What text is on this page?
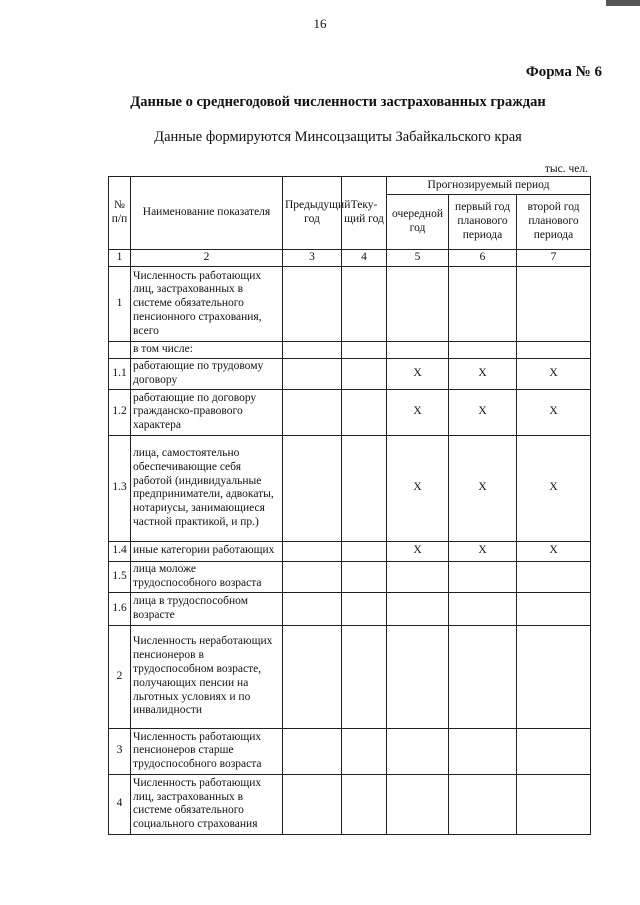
16
Форма № 6
Данные о среднегодовой численности застрахованных граждан
Данные формируются Минсоцзащиты Забайкальского края
тыс. чел.
№ п/п	Наименование показателя	Предыдущий год	Теку-щий год	Прогнозируемый период		
				очередной год	первый год планового периода	второй год планового периода
1	2	3	4	5	6	7
1	Численность работающих лиц, застрахованных в системе обязательного пенсионного страхования, всего					
	в том числе:					
1.1	работающие по трудовому договору			X	X	X
1.2	работающие по договору гражданско-правового характера			X	X	X
1.3	лица, самостоятельно обеспечивающие себя работой (индивидуальные предприниматели, адвокаты, нотариусы, занимающиеся частной практикой, и пр.)			X	X	X
1.4	иные категории работающих			X	X	X
1.5	лица моложе трудоспособного возраста					
1.6	лица в трудоспособном возрасте					
2	Численность неработающих пенсионеров в трудоспособном возрасте, получающих пенсии на льготных условиях и по инвалидности					
3	Численность работающих пенсионеров старше трудоспособного возраста					
4	Численность работающих лиц, застрахованных в системе обязательного социального страхования					
